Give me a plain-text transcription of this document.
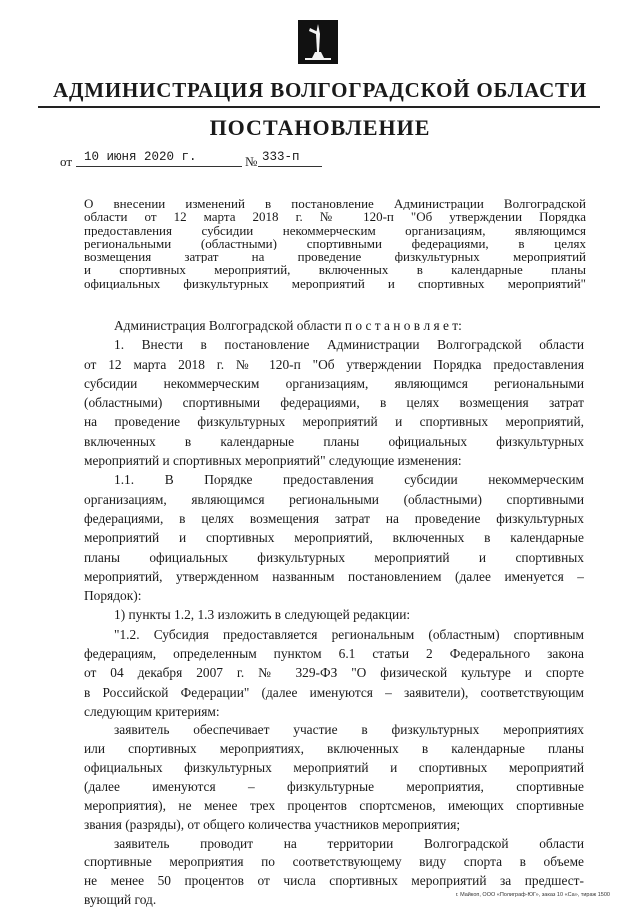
АДМИНИСТРАЦИЯ ВОЛГОГРАДСКОЙ ОБЛАСТИ
ПОСТАНОВЛЕНИЕ
от 10 июня 2020 г.	№ 333-п
О внесении изменений в постановление Администрации Волгоградской
области от 12 марта 2018 г. № 120-п "Об утверждении Порядка
предоставления субсидии некоммерческим организациям, являющимся
региональными (областными) спортивными федерациями, в целях
возмещения затрат на проведение физкультурных мероприятий
и спортивных мероприятий, включенных в календарные планы
официальных физкультурных мероприятий и спортивных мероприятий"
Администрация Волгоградской области п о с т а н о в л я е т:
1. Внести в постановление Администрации Волгоградской области
от 12 марта 2018 г. № 120-п "Об утверждении Порядка предоставления
субсидии некоммерческим организациям, являющимся региональными
(областными) спортивными федерациями, в целях возмещения затрат
на проведение физкультурных мероприятий и спортивных мероприятий,
включенных в календарные планы официальных физкультурных
мероприятий и спортивных мероприятий" следующие изменения:
1.1. В Порядке предоставления субсидии некоммерческим
организациям, являющимся региональными (областными) спортивными
федерациями, в целях возмещения затрат на проведение физкультурных
мероприятий и спортивных мероприятий, включенных в календарные
планы официальных физкультурных мероприятий и спортивных
мероприятий, утвержденном названным постановлением (далее именуется –
Порядок):
1) пункты 1.2, 1.3 изложить в следующей редакции:
"1.2. Субсидия предоставляется региональным (областным) спортивным
федерациям, определенным пунктом 6.1 статьи 2 Федерального закона
от 04 декабря 2007 г. № 329-ФЗ "О физической культуре и спорте
в Российской Федерации" (далее именуются – заявители), соответствующим
следующим критериям:
заявитель обеспечивает участие в физкультурных мероприятиях
или спортивных мероприятиях, включенных в календарные планы
официальных физкультурных мероприятий и спортивных мероприятий
(далее именуются – физкультурные мероприятия, спортивные
мероприятия), не менее трех процентов спортсменов, имеющих спортивные
звания (разряды), от общего количества участников мероприятия;
заявитель проводит на территории Волгоградской области
спортивные мероприятия по соответствующему виду спорта в объеме
не менее 50 процентов от числа спортивных мероприятий за предшест-
вующий год.	г. Майкоп, ООО «Полиграф-ЮГ», заказ 10 «Са», тираж 1500
